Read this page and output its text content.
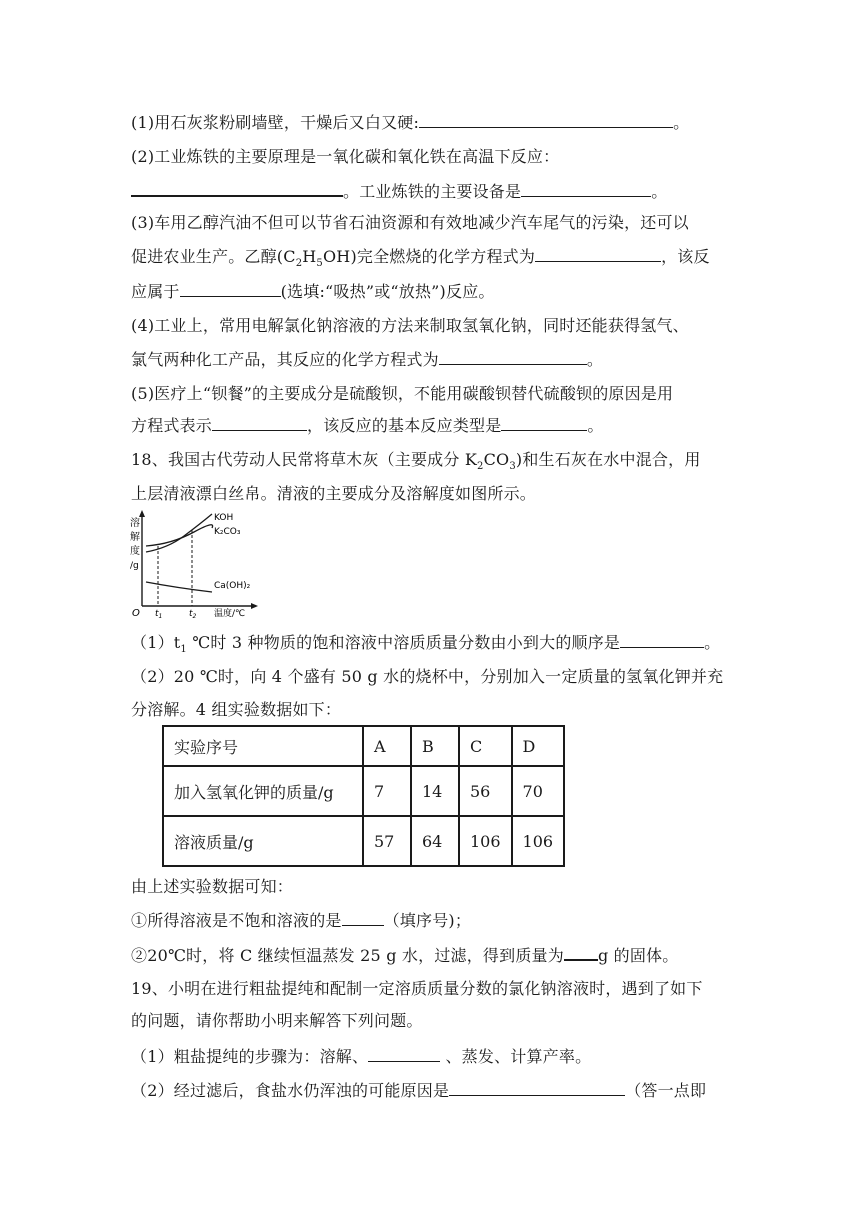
(1)用石灰浆粉刷墙壁，干燥后又白又硬:	。
(2)工业炼铁的主要原理是一氧化碳和氧化铁在高温下反应：
。工业炼铁的主要设备是	。
(3)车用乙醇汽油不但可以节省石油资源和有效地减少汽车尾气的污染，还可以
促进农业生产。乙醇$(C_2H_5OH)$完全燃烧的化学方程式为	，该反
应属于	(选填:“吸热”或“放热”)反应。
(4)工业上，常用电解氯化钠溶液的方法来制取氢氧化钠，同时还能获得氢气、
氯气两种化工产品，其反应的化学方程式为	。
(5)医疗上“钡餐”的主要成分是硫酸钡，不能用碳酸钡替代硫酸钡的原因是用
方程式表示	，该反应的基本反应类型是	。
18、我国古代劳动人民常将草木灰（主要成分 $K_2CO_3$)和生石灰在水中混合，用
上层清液漂白丝帛。清液的主要成分及溶解度如图所示。
溶
解
度
/g
O $t_1$	$t_2$ 温度/℃
KOH
K₂CO₃
Ca(OH)₂
$(1)t_1$ ℃时 3 种物质的饱和溶液中溶质质量分数由小到大的顺序是	。
（2）20 ℃时，向 4 个盛有 50 g 水的烧杯中，分别加入一定质量的氢氧化钾并充
分溶解。4 组实验数据如下：
实验序号	A	B	C	D
加入氢氧化钾的质量/g	7	14	56	70
溶液质量/g	57	64	106	106
由上述实验数据可知：
①所得溶液是不饱和溶液的是	（填序号)；
②20℃时，将 C 继续恒温蒸发 25 g 水，过滤，得到质量为 g 的固体。
19、小明在进行粗盐提纯和配制一定溶质质量分数的氯化钠溶液时，遇到了如下
的问题，请你帮助小明来解答下列问题。
（1）粗盐提纯的步骤为：溶解、	、蒸发、计算产率。
（2）经过滤后，食盐水仍浑浊的可能原因是	（答一点即
